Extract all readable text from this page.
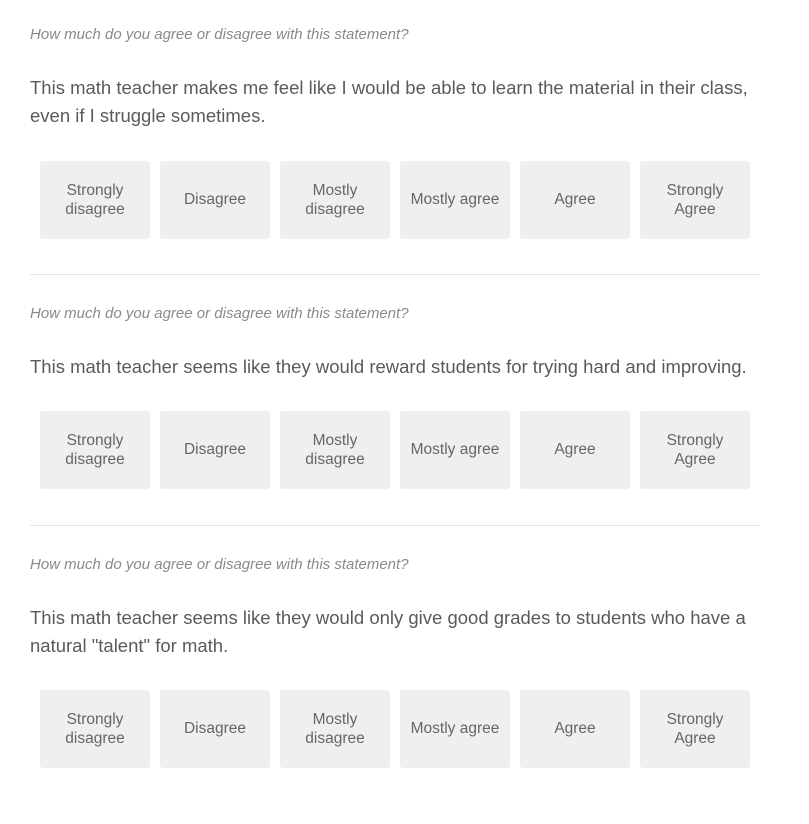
How much do you agree or disagree with this statement?
This math teacher makes me feel like I would be able to learn the material in their class, even if I struggle sometimes.
Strongly disagree
Disagree
Mostly disagree
Mostly agree	Agree
Strongly Agree
How much do you agree or disagree with this statement?
This math teacher seems like they would reward students for trying hard and improving.
Strongly disagree
Disagree
Mostly disagree
Mostly agree	Agree
Strongly Agree
How much do you agree or disagree with this statement?
This math teacher seems like they would only give good grades to students who have a natural "talent" for math.
Strongly disagree
Disagree
Mostly disagree
Mostly agree	Agree
Strongly Agree
